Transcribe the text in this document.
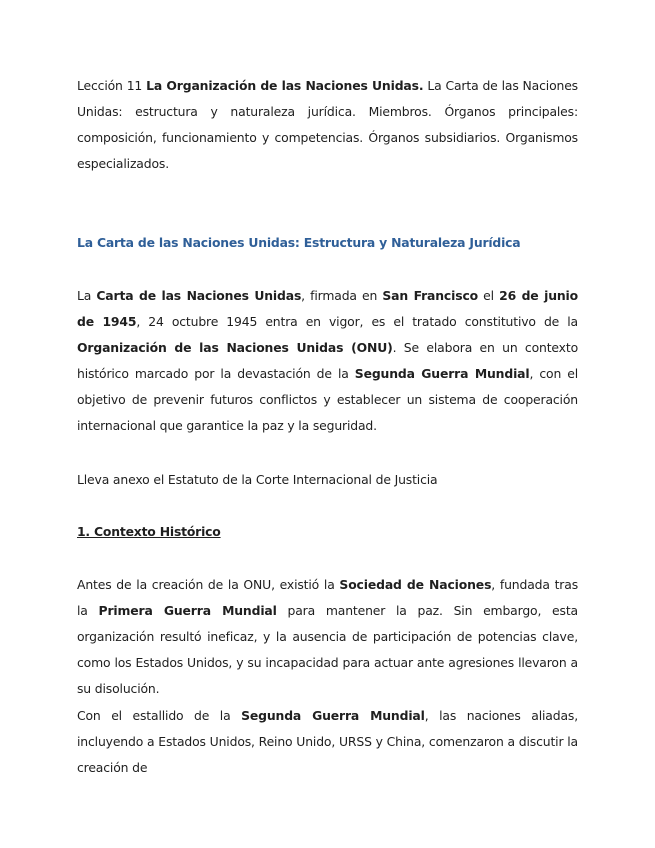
Lección 11 La Organización de las Naciones Unidas. La Carta de las Naciones Unidas: estructura y naturaleza jurídica. Miembros. Órganos principales: composición, funcionamiento y competencias. Órganos subsidiarios. Organismos especializados.

La Carta de las Naciones Unidas: Estructura y Naturaleza Jurídica

La Carta de las Naciones Unidas, firmada en San Francisco el 26 de junio de 1945, 24 octubre 1945 entra en vigor, es el tratado constitutivo de la Organización de las Naciones Unidas (ONU). Se elabora en un contexto histórico marcado por la devastación de la Segunda Guerra Mundial, con el objetivo de prevenir futuros conflictos y establecer un sistema de cooperación internacional que garantice la paz y la seguridad.

Lleva anexo el Estatuto de la Corte Internacional de Justicia

1. Contexto Histórico

Antes de la creación de la ONU, existió la Sociedad de Naciones, fundada tras la Primera Guerra Mundial para mantener la paz. Sin embargo, esta organización resultó ineficaz, y la ausencia de participación de potencias clave, como los Estados Unidos, y su incapacidad para actuar ante agresiones llevaron a su disolución.

Con el estallido de la Segunda Guerra Mundial, las naciones aliadas, incluyendo a Estados Unidos, Reino Unido, URSS y China, comenzaron a discutir la creación de
